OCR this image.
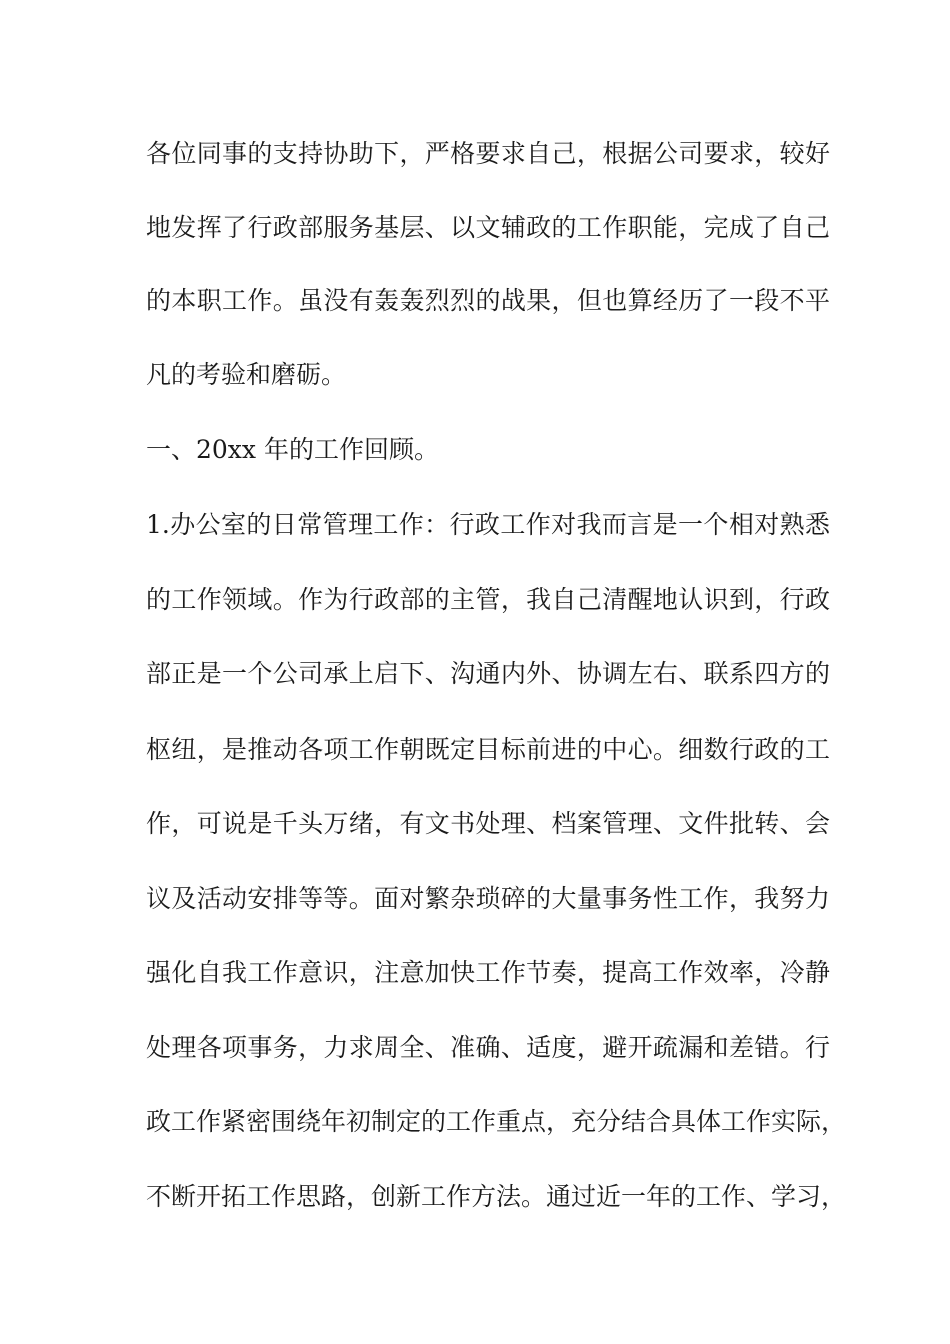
各位同事的支持协助下，严格要求自己，根据公司要求，较好
地发挥了行政部服务基层、以文辅政的工作职能，完成了自己
的本职工作。虽没有轰轰烈烈的战果，但也算经历了一段不平
凡的考验和磨砺。
一、20xx 年的工作回顾。
1.办公室的日常管理工作：行政工作对我而言是一个相对熟悉
的工作领域。作为行政部的主管，我自己清醒地认识到，行政
部正是一个公司承上启下、沟通内外、协调左右、联系四方的
枢纽，是推动各项工作朝既定目标前进的中心。细数行政的工
作，可说是千头万绪，有文书处理、档案管理、文件批转、会
议及活动安排等等。面对繁杂琐碎的大量事务性工作，我努力
强化自我工作意识，注意加快工作节奏，提高工作效率，冷静
处理各项事务，力求周全、准确、适度，避开疏漏和差错。行
政工作紧密围绕年初制定的工作重点，充分结合具体工作实际，
不断开拓工作思路，创新工作方法。通过近一年的工作、学习，
